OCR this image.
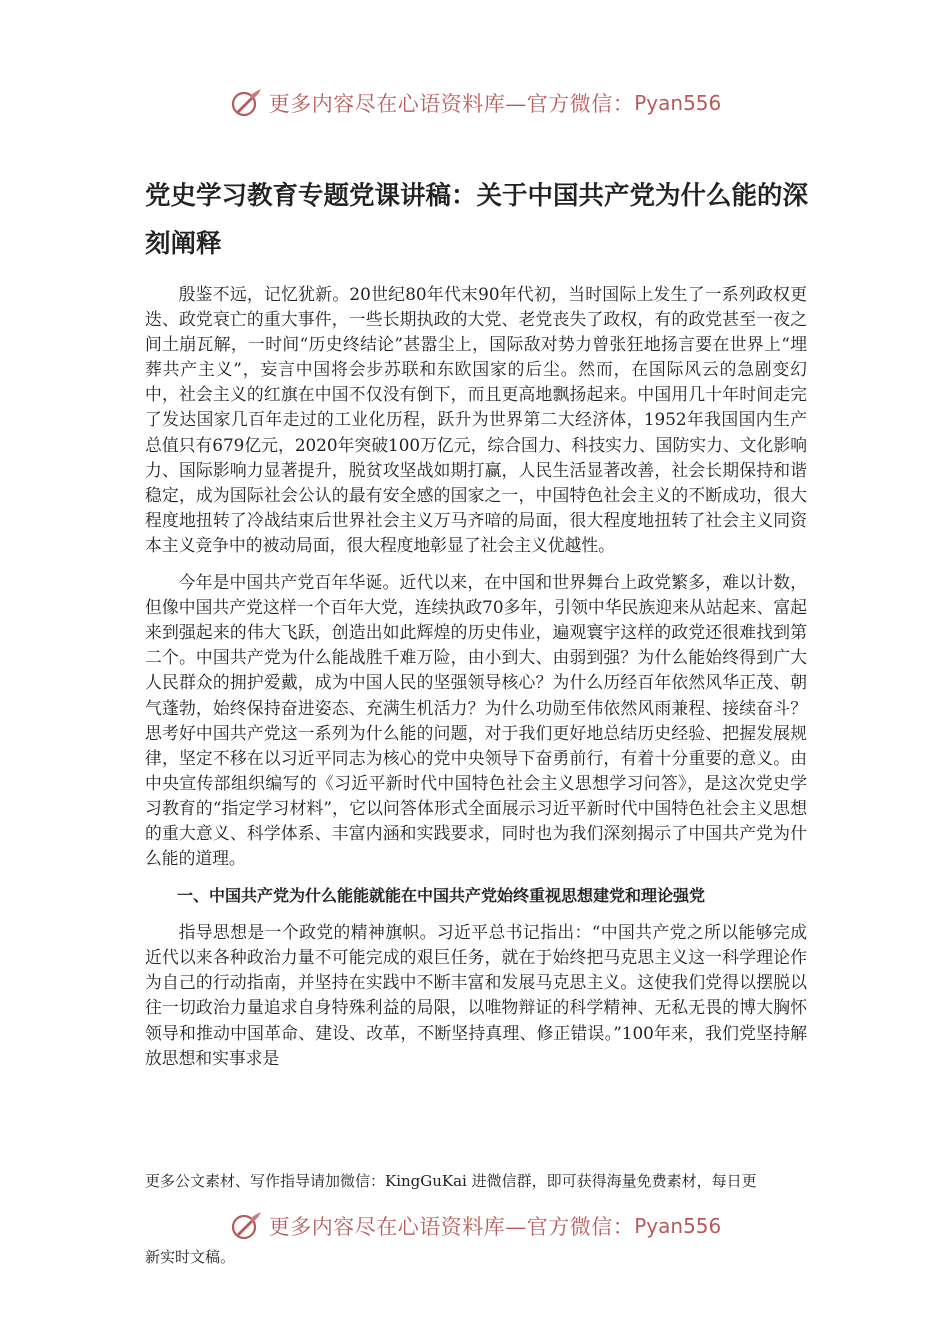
更多内容尽在心语资料库—官方微信： Pyan556
党史学习教育专题党课讲稿：关于中国共产党为什么能的深刻阐释

殷鉴不远，记忆犹新。20世纪80年代末90年代初，当时国际上发生了一系列政权更迭、政党衰亡的重大事件，一些长期执政的大党、老党丧失了政权，有的政党甚至一夜之间土崩瓦解，一时间“历史终结论”甚嚣尘上，国际敌对势力曾张狂地扬言要在世界上“埋葬共产主义”，妄言中国将会步苏联和东欧国家的后尘。然而，在国际风云的急剧变幻中，社会主义的红旗在中国不仅没有倒下，而且更高地飘扬起来。中国用几十年时间走完了发达国家几百年走过的工业化历程，跃升为世界第二大经济体，1952年我国国内生产总值只有679亿元，2020年突破100万亿元，综合国力、科技实力、国防实力、文化影响力、国际影响力显著提升，脱贫攻坚战如期打赢，人民生活显著改善，社会长期保持和谐稳定，成为国际社会公认的最有安全感的国家之一，中国特色社会主义的不断成功，很大程度地扭转了冷战结束后世界社会主义万马齐喑的局面，很大程度地扭转了社会主义同资本主义竞争中的被动局面，很大程度地彰显了社会主义优越性。

今年是中国共产党百年华诞。近代以来，在中国和世界舞台上政党繁多，难以计数，但像中国共产党这样一个百年大党，连续执政70多年，引领中华民族迎来从站起来、富起来到强起来的伟大飞跃，创造出如此辉煌的历史伟业，遍观寰宇这样的政党还很难找到第二个。中国共产党为什么能战胜千难万险，由小到大、由弱到强？为什么能始终得到广大人民群众的拥护爱戴，成为中国人民的坚强领导核心？为什么历经百年依然风华正茂、朝气蓬勃，始终保持奋进姿态、充满生机活力？为什么功勋至伟依然风雨兼程、接续奋斗？思考好中国共产党这一系列为什么能的问题，对于我们更好地总结历史经验、把握发展规律，坚定不移在以习近平同志为核心的党中央领导下奋勇前行，有着十分重要的意义。由中央宣传部组织编写的《习近平新时代中国特色社会主义思想学习问答》，是这次党史学习教育的“指定学习材料”，它以问答体形式全面展示习近平新时代中国特色社会主义思想的重大意义、科学体系、丰富内涵和实践要求，同时也为我们深刻揭示了中国共产党为什么能的道理。

一、中国共产党为什么能能就能在中国共产党始终重视思想建党和理论强党

指导思想是一个政党的精神旗帜。习近平总书记指出：“中国共产党之所以能够完成近代以来各种政治力量不可能完成的艰巨任务，就在于始终把马克思主义这一科学理论作为自己的行动指南，并坚持在实践中不断丰富和发展马克思主义。这使我们党得以摆脱以往一切政治力量追求自身特殊利益的局限，以唯物辩证的科学精神、无私无畏的博大胸怀领导和推动中国革命、建设、改革，不断坚持真理、修正错误。”100年来，我们党坚持解放思想和实事求是

更多公文素材、写作指导请加微信：KingGuKai 进微信群，即可获得海量免费素材，每日更
更多内容尽在心语资料库—官方微信： Pyan556
新实时文稿。
